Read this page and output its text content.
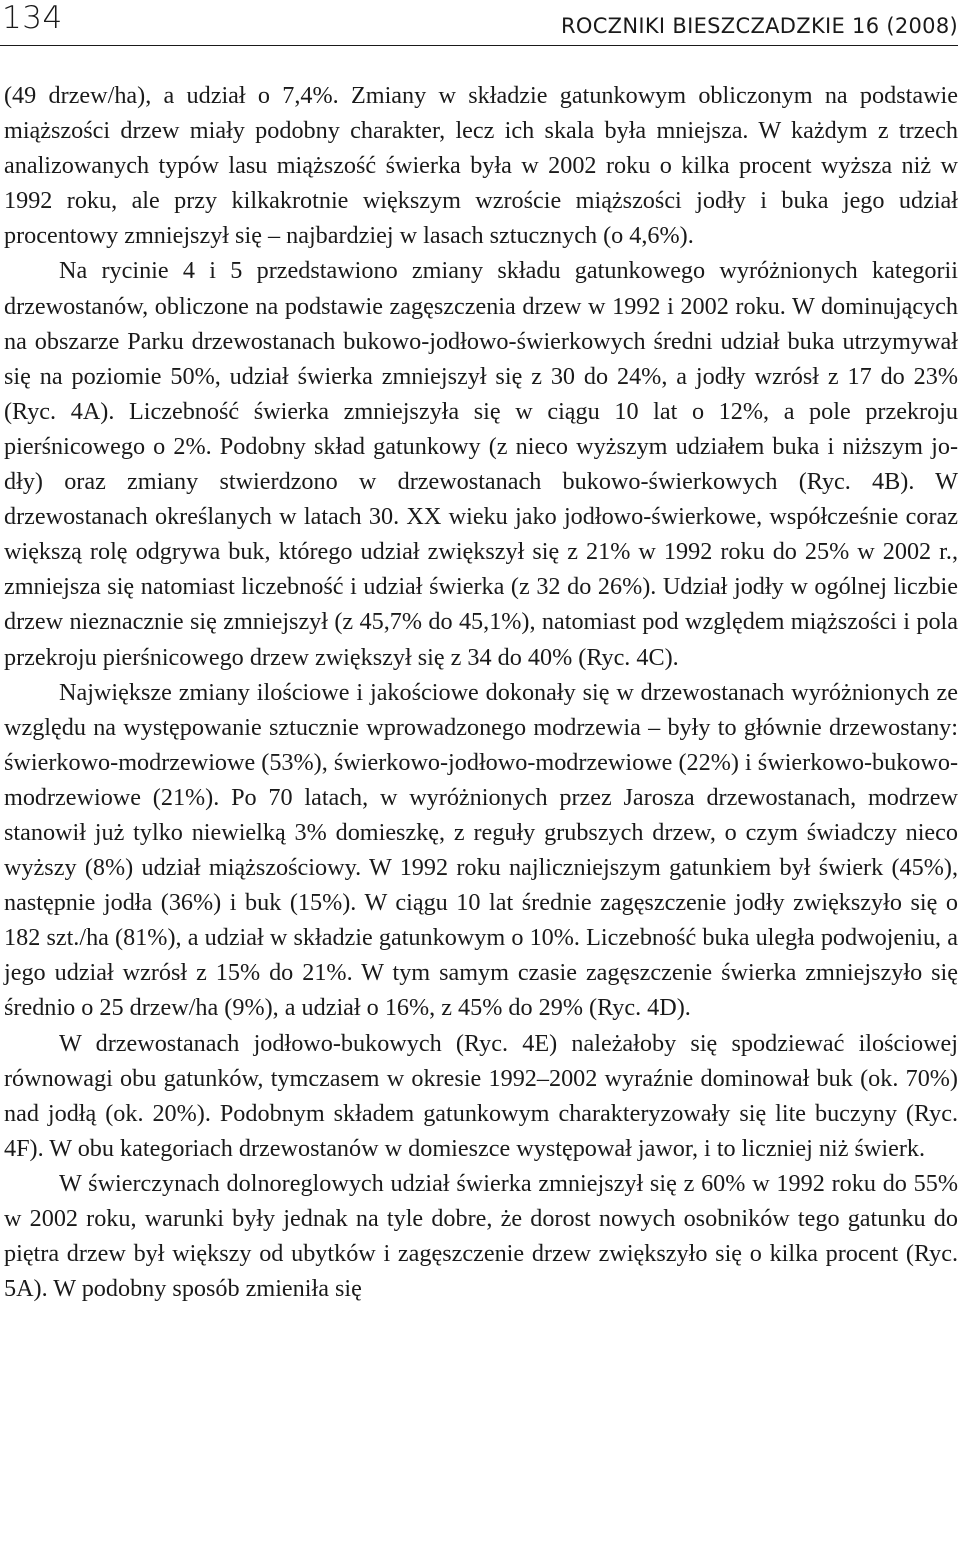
134	ROCZNIKI BIESZCZADZKIE 16 (2008)

(49 drzew/ha), a udział o 7,4%. Zmiany w składzie gatunkowym obliczonym na podstawie miąższości drzew miały podobny charakter, lecz ich skala była mniejsza. W każdym z trzech analizowanych typów lasu miąższość świerka była w 2002 roku o kilka procent wyższa niż w 1992 roku, ale przy kilkakrotnie większym wzroście miąższości jodły i buka jego udział procentowy zmniejszył się – najbardziej w lasach sztucznych (o 4,6%).

Na rycinie 4 i 5 przedstawiono zmiany składu gatunkowego wyróżnionych kategorii drzewostanów, obliczone na podstawie zagęszczenia drzew w 1992 i 2002 roku. W dominujących na obszarze Parku drzewostanach bukowo-jodłowo-świerkowych średni udział buka utrzymywał się na poziomie 50%, udział świerka zmniejszył się z 30 do 24%, a jodły wzrósł z 17 do 23% (Ryc. 4A). Liczebność świerka zmniejszyła się w ciągu 10 lat o 12%, a pole przekroju pierśnicowego o 2%. Podobny skład gatunkowy (z nieco wyższym udziałem buka i niższym jodły) oraz zmiany stwierdzono w drzewostanach bukowo-świerkowych (Ryc. 4B). W drzewostanach określanych w latach 30. XX wieku jako jodłowo-świerkowe, współcześnie coraz większą rolę odgrywa buk, którego udział zwiększył się z 21% w 1992 roku do 25% w 2002 r., zmniejsza się natomiast liczebność i udział świerka (z 32 do 26%). Udział jodły w ogólnej liczbie drzew nieznacznie się zmniejszył (z 45,7% do 45,1%), natomiast pod względem miąższości i pola przekroju pierśnicowego drzew zwiększył się z 34 do 40% (Ryc. 4C).

Największe zmiany ilościowe i jakościowe dokonały się w drzewostanach wyróżnionych ze względu na występowanie sztucznie wprowadzonego modrzewia – były to głównie drzewostany: świerkowo-modrzewiowe (53%), świerkowo-jodłowo-modrzewiowe (22%) i świerkowo-bukowo-modrzewiowe (21%). Po 70 latach, w wyróżnionych przez Jarosza drzewostanach, modrzew stanowił już tylko niewielką 3% domieszkę, z reguły grubszych drzew, o czym świadczy nieco wyższy (8%) udział miąższościowy. W 1992 roku najliczniejszym gatunkiem był świerk (45%), następnie jodła (36%) i buk (15%). W ciągu 10 lat średnie zagęszczenie jodły zwiększyło się o 182 szt./ha (81%), a udział w składzie gatunkowym o 10%. Liczebność buka uległa podwojeniu, a jego udział wzrósł z 15% do 21%. W tym samym czasie zagęszczenie świerka zmniejszyło się średnio o 25 drzew/ha (9%), a udział o 16%, z 45% do 29% (Ryc. 4D).

W drzewostanach jodłowo-bukowych (Ryc. 4E) należałoby się spodziewać ilościowej równowagi obu gatunków, tymczasem w okresie 1992–2002 wyraźnie dominował buk (ok. 70%) nad jodłą (ok. 20%). Podobnym składem gatunkowym charakteryzowały się lite buczyny (Ryc. 4F). W obu kategoriach drzewostanów w domieszce występował jawor, i to liczniej niż świerk.

W świerczynach dolnoreglowych udział świerka zmniejszył się z 60% w 1992 roku do 55% w 2002 roku, warunki były jednak na tyle dobre, że dorost nowych osobników tego gatunku do piętra drzew był większy od ubytków i zagęszczenie drzew zwiększyło się o kilka procent (Ryc. 5A). W podobny sposób zmieniła się
